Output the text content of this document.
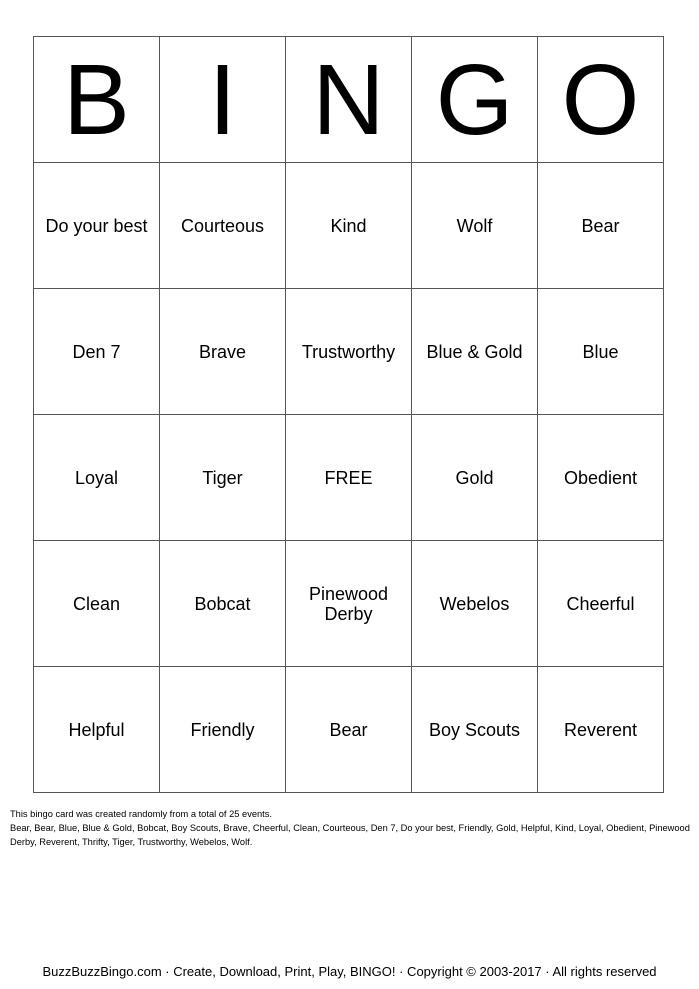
B	I	N	G	O
Do your best	Courteous	Kind	Wolf	Bear
Den 7	Brave	Trustworthy	Blue & Gold	Blue
Loyal	Tiger	FREE	Gold	Obedient
Clean	Bobcat	Pinewood Derby	Webelos	Cheerful
Helpful	Friendly	Bear	Boy Scouts	Reverent
This bingo card was created randomly from a total of 25 events.
Bear, Bear, Blue, Blue & Gold, Bobcat, Boy Scouts, Brave, Cheerful, Clean, Courteous, Den 7, Do your best, Friendly, Gold, Helpful, Kind, Loyal, Obedient, Pinewood Derby, Reverent, Thrifty, Tiger, Trustworthy, Webelos, Wolf.
BuzzBuzzBingo.com · Create, Download, Print, Play, BINGO! · Copyright © 2003-2017 · All rights reserved
